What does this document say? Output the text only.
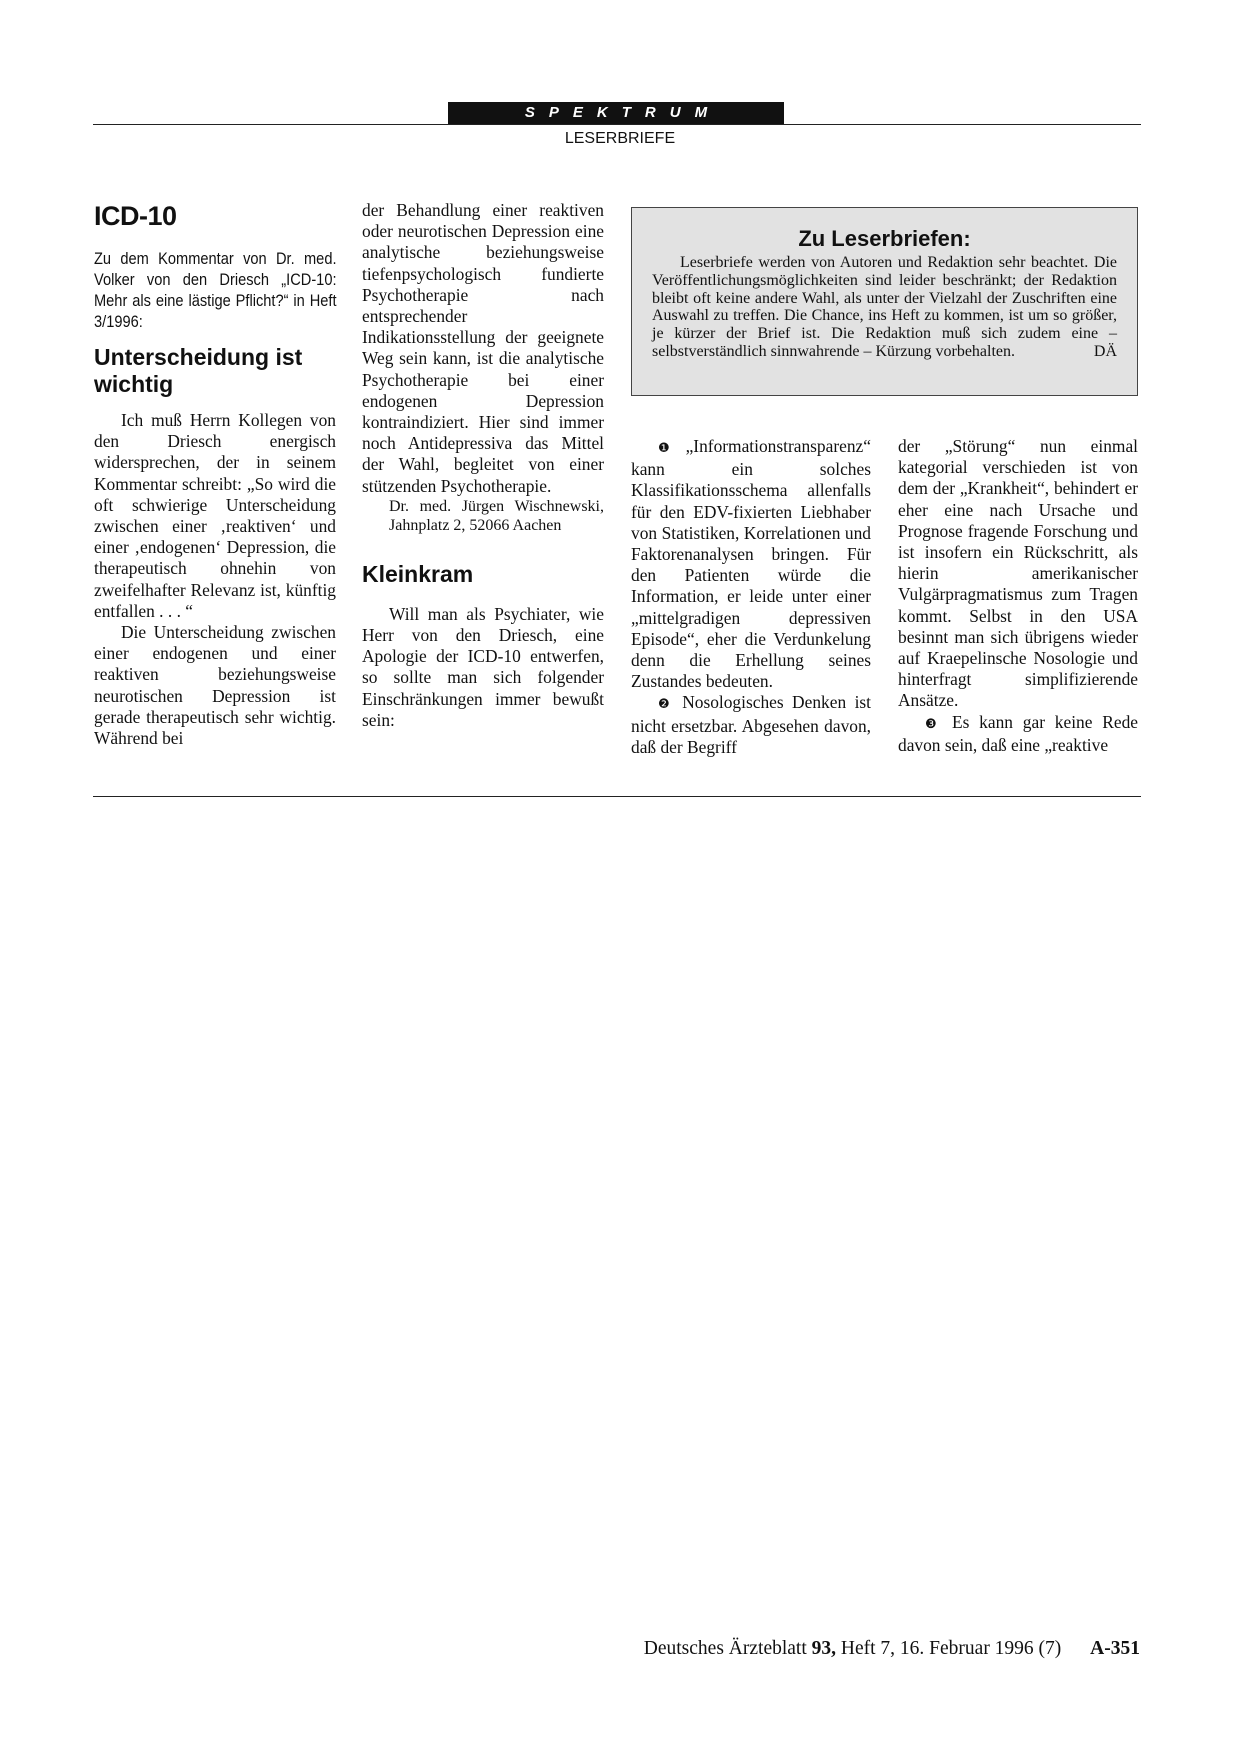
SPEKTRUM
LESERBRIEFE
ICD-10
Zu dem Kommentar von Dr. med. Volker von den Driesch „ICD-10: Mehr als eine lästige Pflicht?“ in Heft 3/1996:
Unterscheidung ist wichtig

Ich muß Herrn Kollegen von den Driesch energisch widersprechen, der in seinem Kommentar schreibt: „So wird die oft schwierige Unterscheidung zwischen einer ‚reaktiven‘ und einer ‚endogenen‘ Depression, die therapeutisch ohnehin von zweifelhafter Relevanz ist, künftig entfallen . . . “

Die Unterscheidung zwischen einer endogenen und einer reaktiven beziehungsweise neurotischen Depression ist gerade therapeutisch sehr wichtig. Während bei

der Behandlung einer reaktiven oder neurotischen Depression eine analytische beziehungsweise tiefenpsychologisch fundierte Psychotherapie nach entsprechender Indikationsstellung der geeignete Weg sein kann, ist die analytische Psychotherapie bei einer endogenen Depression kontraindiziert. Hier sind immer noch Antidepressiva das Mittel der Wahl, begleitet von einer stützenden Psychotherapie.

Dr. med. Jürgen Wischnewski, Jahnplatz 2, 52066 Aachen

Kleinkram

Will man als Psychiater, wie Herr von den Driesch, eine Apologie der ICD-10 entwerfen, so sollte man sich folgender Einschränkungen immer bewußt sein:

Zu Leserbriefen:
Leserbriefe werden von Autoren und Redaktion sehr beachtet. Die Veröffentlichungsmöglichkeiten sind leider beschränkt; der Redaktion bleibt oft keine andere Wahl, als unter der Vielzahl der Zuschriften eine Auswahl zu treffen. Die Chance, ins Heft zu kommen, ist um so größer, je kürzer der Brief ist. Die Redaktion muß sich zudem eine – selbstverständlich sinnwahrende – Kürzung vorbehalten.	DÄ

❶ „Informationstransparenz“ kann ein solches Klassifikationsschema allenfalls für den EDV-fixierten Liebhaber von Statistiken, Korrelationen und Faktorenanalysen bringen. Für den Patienten würde die Information, er leide unter einer „mittelgradigen depressiven Episode“, eher die Verdunkelung denn die Erhellung seines Zustandes bedeuten.

❷ Nosologisches Denken ist nicht ersetzbar. Abgesehen davon, daß der Begriff

der „Störung“ nun einmal kategorial verschieden ist von dem der „Krankheit“, behindert er eher eine nach Ursache und Prognose fragende Forschung und ist insofern ein Rückschritt, als hierin amerikanischer Vulgärpragmatismus zum Tragen kommt. Selbst in den USA besinnt man sich übrigens wieder auf Kraepelinsche Nosologie und hinterfragt simplifizierende Ansätze.

❸ Es kann gar keine Rede davon sein, daß eine „reaktive

Deutsches Ärzteblatt 93, Heft 7, 16. Februar 1996 (7) A-351
